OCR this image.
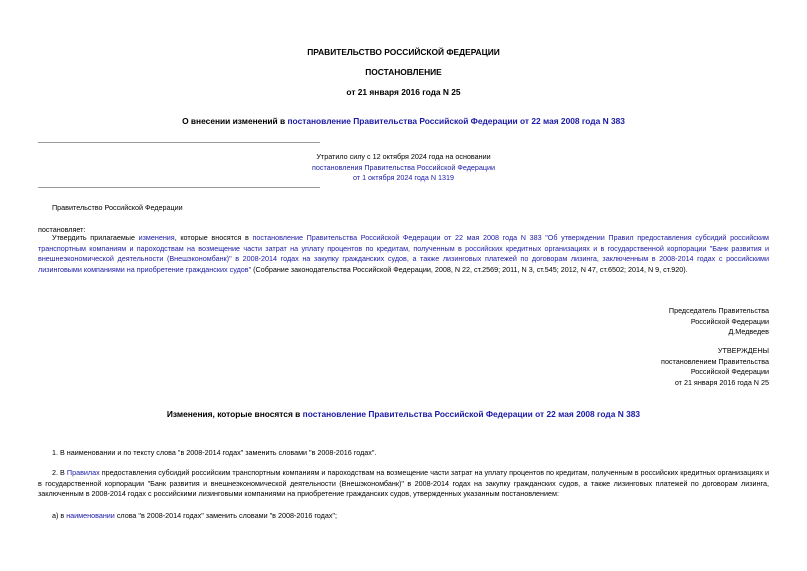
ПРАВИТЕЛЬСТВО РОССИЙСКОЙ ФЕДЕРАЦИИ
ПОСТАНОВЛЕНИЕ
от 21 января 2016 года N 25
О внесении изменений в постановление Правительства Российской Федерации от 22 мая 2008 года N 383
Утратило силу с 12 октября 2024 года на основании
постановления Правительства Российской Федерации
от 1 октября 2024 года N 1319
Правительство Российской Федерации
постановляет:
Утвердить прилагаемые изменения, которые вносятся в постановление Правительства Российской Федерации от 22 мая 2008 года N 383 "Об утверждении Правил предоставления субсидий российским транспортным компаниям и пароходствам на возмещение части затрат на уплату процентов по кредитам, полученным в российских кредитных организациях и в государственной корпорации "Банк развития и внешнеэкономической деятельности (Внешэкономбанк)" в 2008-2014 годах на закупку гражданских судов, а также лизинговых платежей по договорам лизинга, заключенным в 2008-2014 годах с российскими лизинговыми компаниями на приобретение гражданских судов" (Собрание законодательства Российской Федерации, 2008, N 22, ст.2569; 2011, N 3, ст.545; 2012, N 47, ст.6502; 2014, N 9, ст.920).
Председатель Правительства
Российской Федерации
Д.Медведев
УТВЕРЖДЕНЫ
постановлением Правительства
Российской Федерации
от 21 января 2016 года N 25
Изменения, которые вносятся в постановление Правительства Российской Федерации от 22 мая 2008 года N 383
1. В наименовании и по тексту слова "в 2008-2014 годах" заменить словами "в 2008-2016 годах".
2. В Правилах предоставления субсидий российским транспортным компаниям и пароходствам на возмещение части затрат на уплату процентов по кредитам, полученным в российских кредитных организациях и в государственной корпорации "Банк развития и внешнеэкономической деятельности (Внешэкономбанк)" в 2008-2014 годах на закупку гражданских судов, а также лизинговых платежей по договорам лизинга, заключенным в 2008-2014 годах с российскими лизинговыми компаниями на приобретение гражданских судов, утвержденных указанным постановлением:
а) в наименовании слова "в 2008-2014 годах" заменить словами "в 2008-2016 годах";
